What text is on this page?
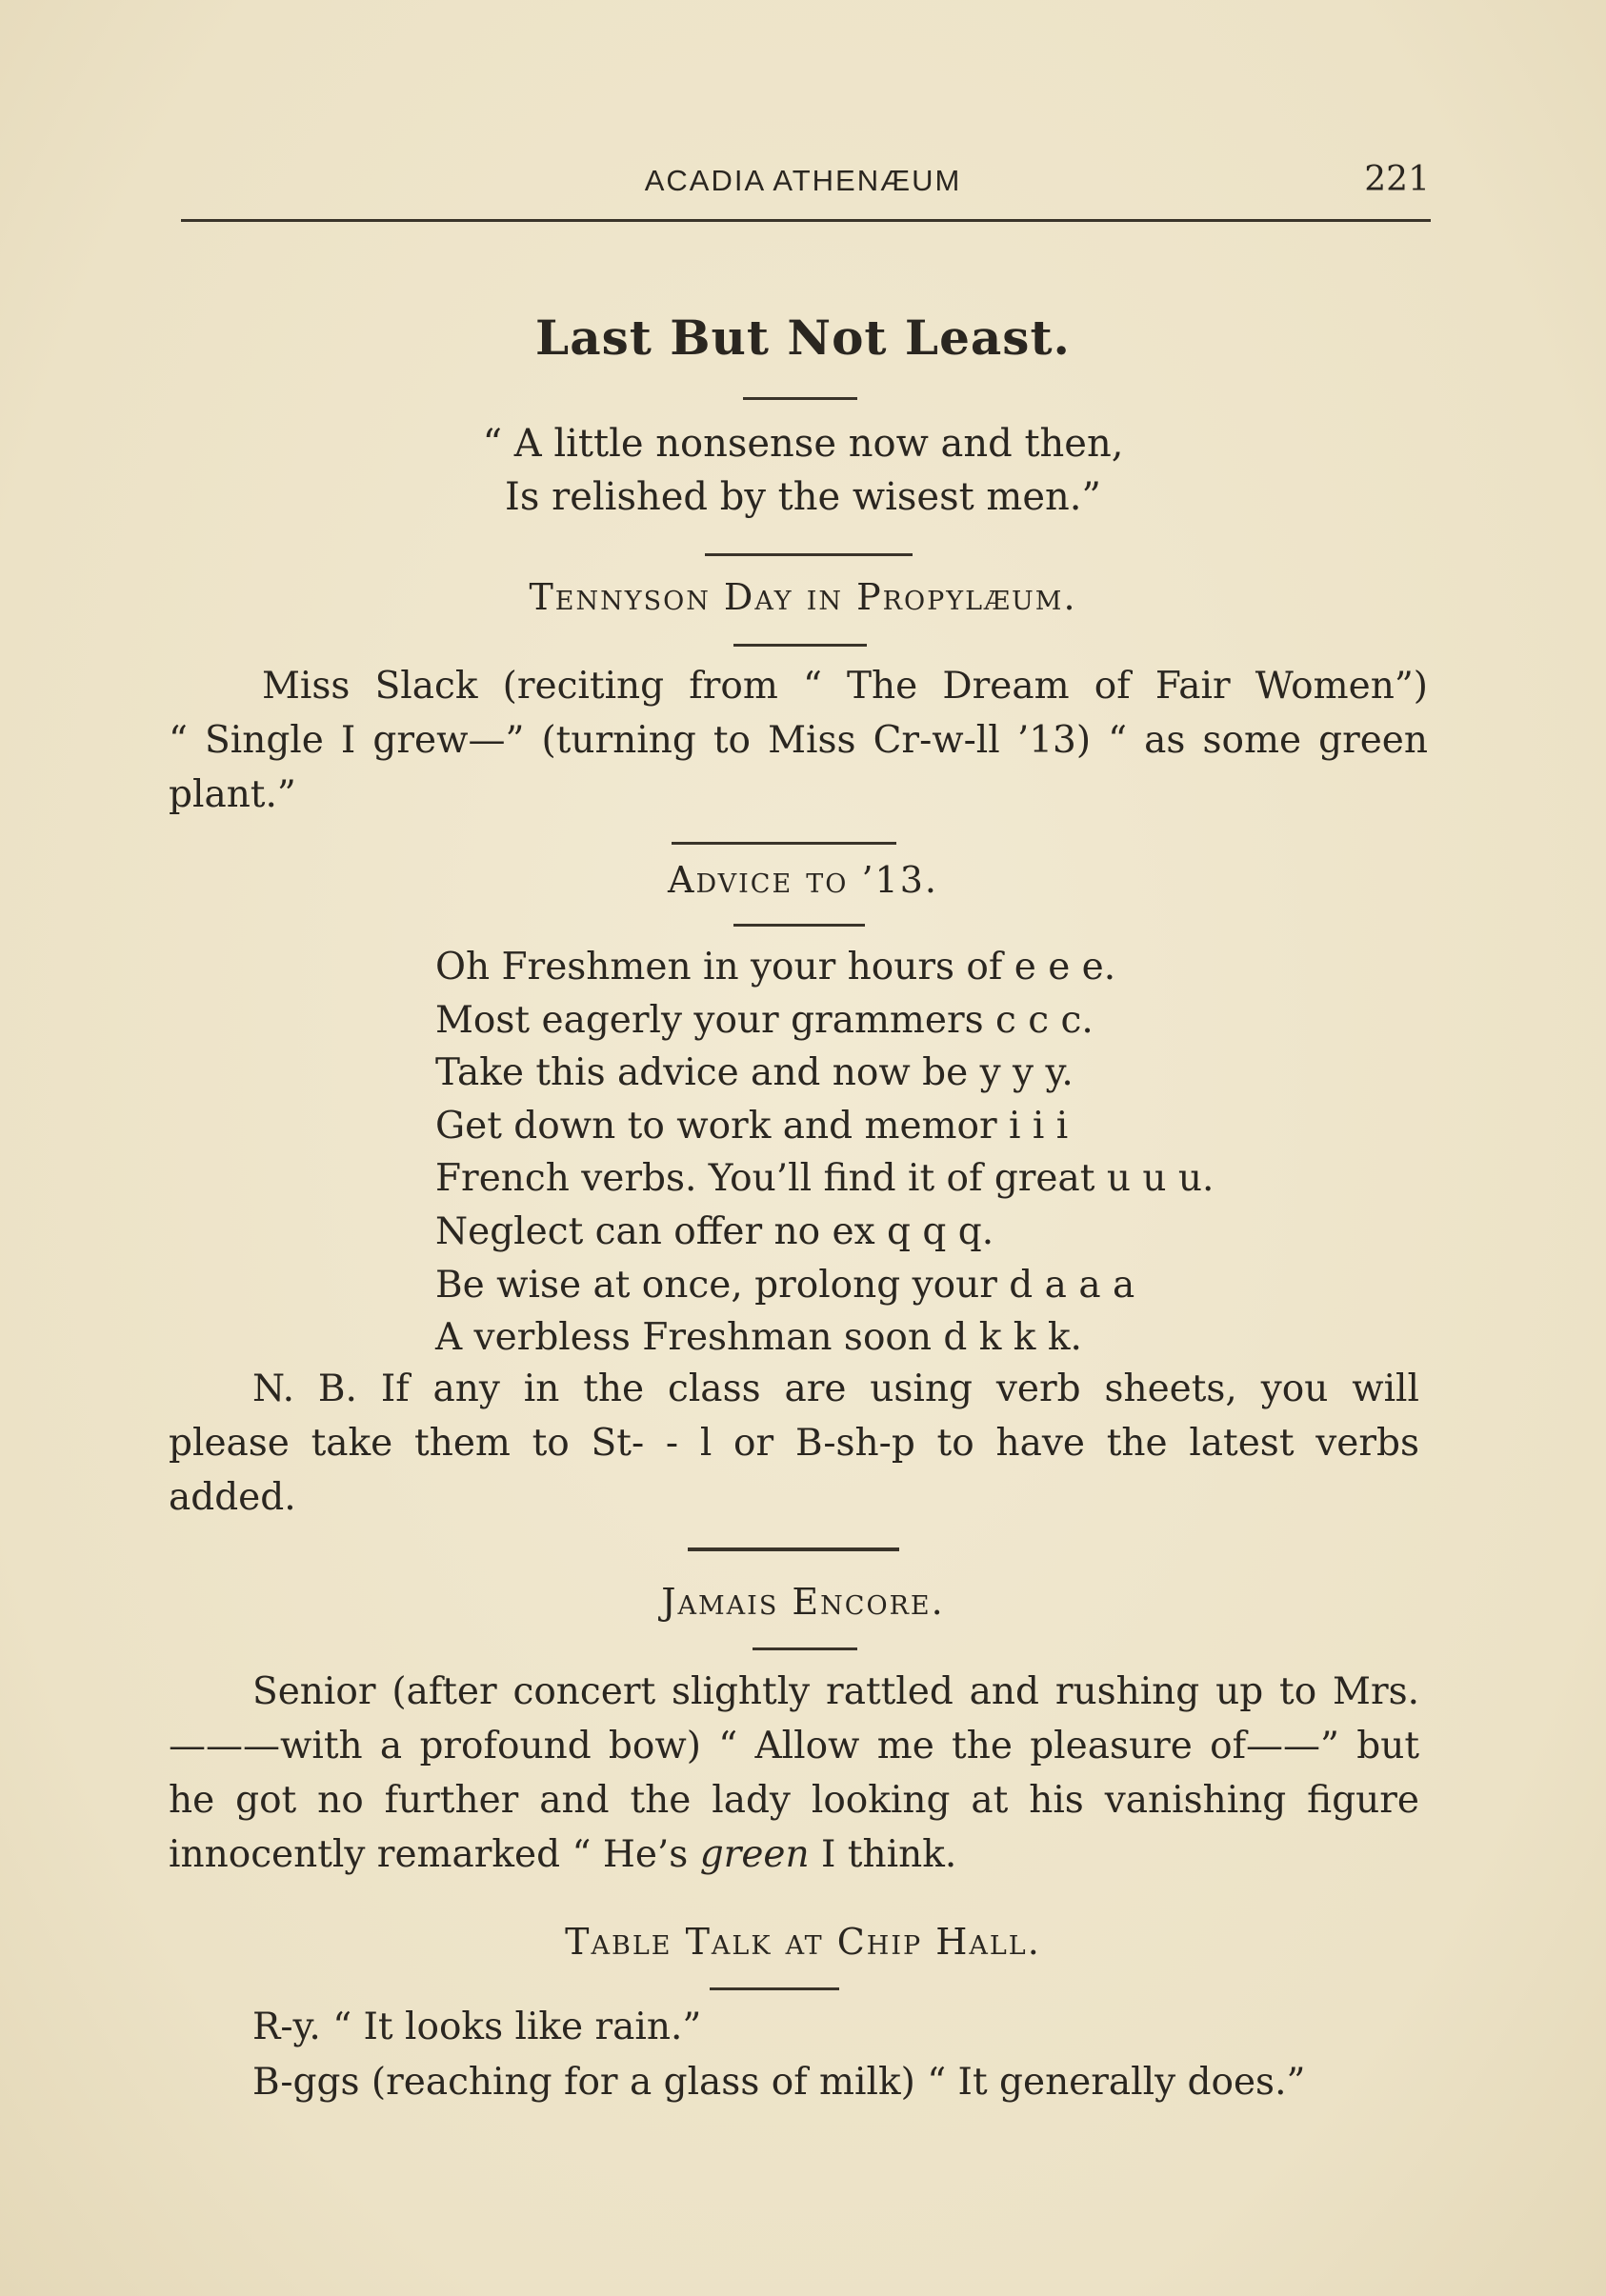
ACADIA ATHENÆUM	221
Last But Not Least.
“ A little nonsense now and then,
Is relished by the wisest men.”
Tennyson Day in Propylæum.
Miss Slack (reciting from “ The Dream of Fair Women”)
“ Single I grew—” (turning to Miss Cr-w-ll ’13) “ as some green
plant.”
Advice to ’13.
Oh Freshmen in your hours of e e e.
Most eagerly your grammers c c c.
Take this advice and now be y y y.
Get down to work and memor i i i
French verbs. You’ll find it of great u u u.
Neglect can offer no ex q q q.
Be wise at once, prolong your d a a a
A verbless Freshman soon d k k k.
N. B. If any in the class are using verb sheets, you will
please take them to St- - l or B-sh-p to have the latest verbs
added.
Jamais Encore.
Senior (after concert slightly rattled and rushing up to Mrs.
———with a profound bow) “ Allow me the pleasure of——” but
he got no further and the lady looking at his vanishing figure
innocently remarked “ He’s green I think.
Table Talk at Chip Hall.
R-y. “ It looks like rain.”
B-ggs (reaching for a glass of milk) “ It generally does.”
